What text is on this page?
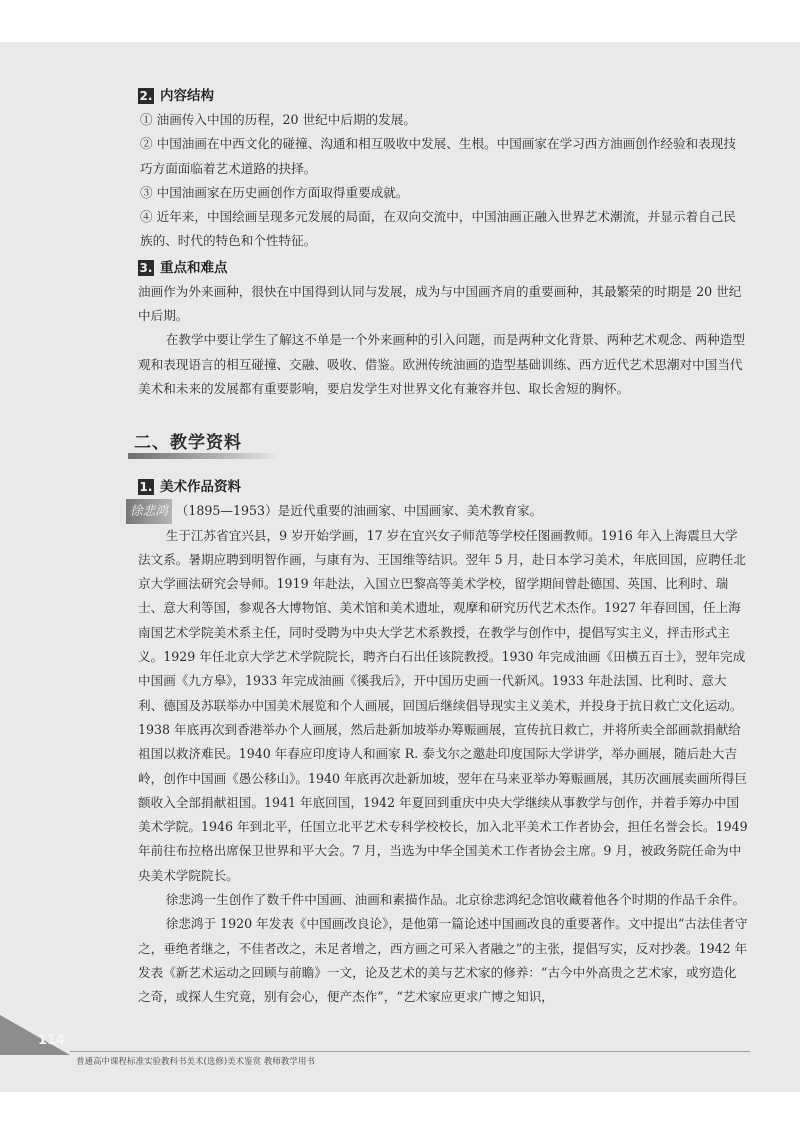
2. 内容结构

① 油画传入中国的历程，20 世纪中后期的发展。

② 中国油画在中西文化的碰撞、沟通和相互吸收中发展、生根。中国画家在学习西方油画创作经验和表现技巧方面面临着艺术道路的抉择。

③ 中国油画家在历史画创作方面取得重要成就。

④ 近年来，中国绘画呈现多元发展的局面，在双向交流中，中国油画正融入世界艺术潮流，并显示着自己民族的、时代的特色和个性特征。

3. 重点和难点

油画作为外来画种，很快在中国得到认同与发展，成为与中国画齐肩的重要画种，其最繁荣的时期是 20 世纪中后期。

在教学中要让学生了解这不单是一个外来画种的引入问题，而是两种文化背景、两种艺术观念、两种造型观和表现语言的相互碰撞、交融、吸收、借鉴。欧洲传统油画的造型基础训练、西方近代艺术思潮对中国当代美术和未来的发展都有重要影响，要启发学生对世界文化有兼容并包、取长舍短的胸怀。

二、教学资料
1. 美术作品资料

徐悲鸿 （1895—1953）是近代重要的油画家、中国画家、美术教育家。

生于江苏省宜兴县，9 岁开始学画，17 岁在宜兴女子师范等学校任图画教师。1916 年入上海震旦大学法文系。暑期应聘到明智作画，与康有为、王国维等结识。翌年 5 月，赴日本学习美术，年底回国，应聘任北京大学画法研究会导师。1919 年赴法，入国立巴黎高等美术学校，留学期间曾赴德国、英国、比利时、瑞士、意大利等国，参观各大博物馆、美术馆和美术遗址，观摩和研究历代艺术杰作。1927 年春回国，任上海南国艺术学院美术系主任，同时受聘为中央大学艺术系教授，在教学与创作中，提倡写实主义，抨击形式主义。1929 年任北京大学艺术学院院长，聘齐白石出任该院教授。1930 年完成油画《田横五百士》，翌年完成中国画《九方皋》，1933 年完成油画《徯我后》，开中国历史画一代新风。1933 年赴法国、比利时、意大利、德国及苏联举办中国美术展览和个人画展，回国后继续倡导现实主义美术，并投身于抗日救亡文化运动。1938 年底再次到香港举办个人画展，然后赴新加坡举办筹赈画展，宣传抗日救亡，并将所卖全部画款捐献给祖国以救济难民。1940 年春应印度诗人和画家 R. 泰戈尔之邀赴印度国际大学讲学，举办画展，随后赴大吉岭，创作中国画《愚公移山》。1940 年底再次赴新加坡，翌年在马来亚举办筹赈画展，其历次画展卖画所得巨额收入全部捐献祖国。1941 年底回国，1942 年夏回到重庆中央大学继续从事教学与创作，并着手筹办中国美术学院。1946 年到北平，任国立北平艺术专科学校校长，加入北平美术工作者协会，担任名誉会长。1949 年前往布拉格出席保卫世界和平大会。7 月，当选为中华全国美术工作者协会主席。9 月，被政务院任命为中央美术学院院长。

徐悲鸿一生创作了数千件中国画、油画和素描作品。北京徐悲鸿纪念馆收藏着他各个时期的作品千余件。

徐悲鸿于 1920 年发表《中国画改良论》，是他第一篇论述中国画改良的重要著作。文中提出“古法佳者守之，垂绝者继之，不佳者改之，未足者增之，西方画之可采入者融之”的主张，提倡写实，反对抄袭。1942 年发表《新艺术运动之回顾与前瞻》一文，论及艺术的美与艺术家的修养：“古今中外高贵之艺术家，或穷造化之奇，或探人生究竟，别有会心，便产杰作”，“艺术家应更求广博之知识，

114
普通高中课程标准实验教科书美术(选修)美术鉴赏 教师教学用书
